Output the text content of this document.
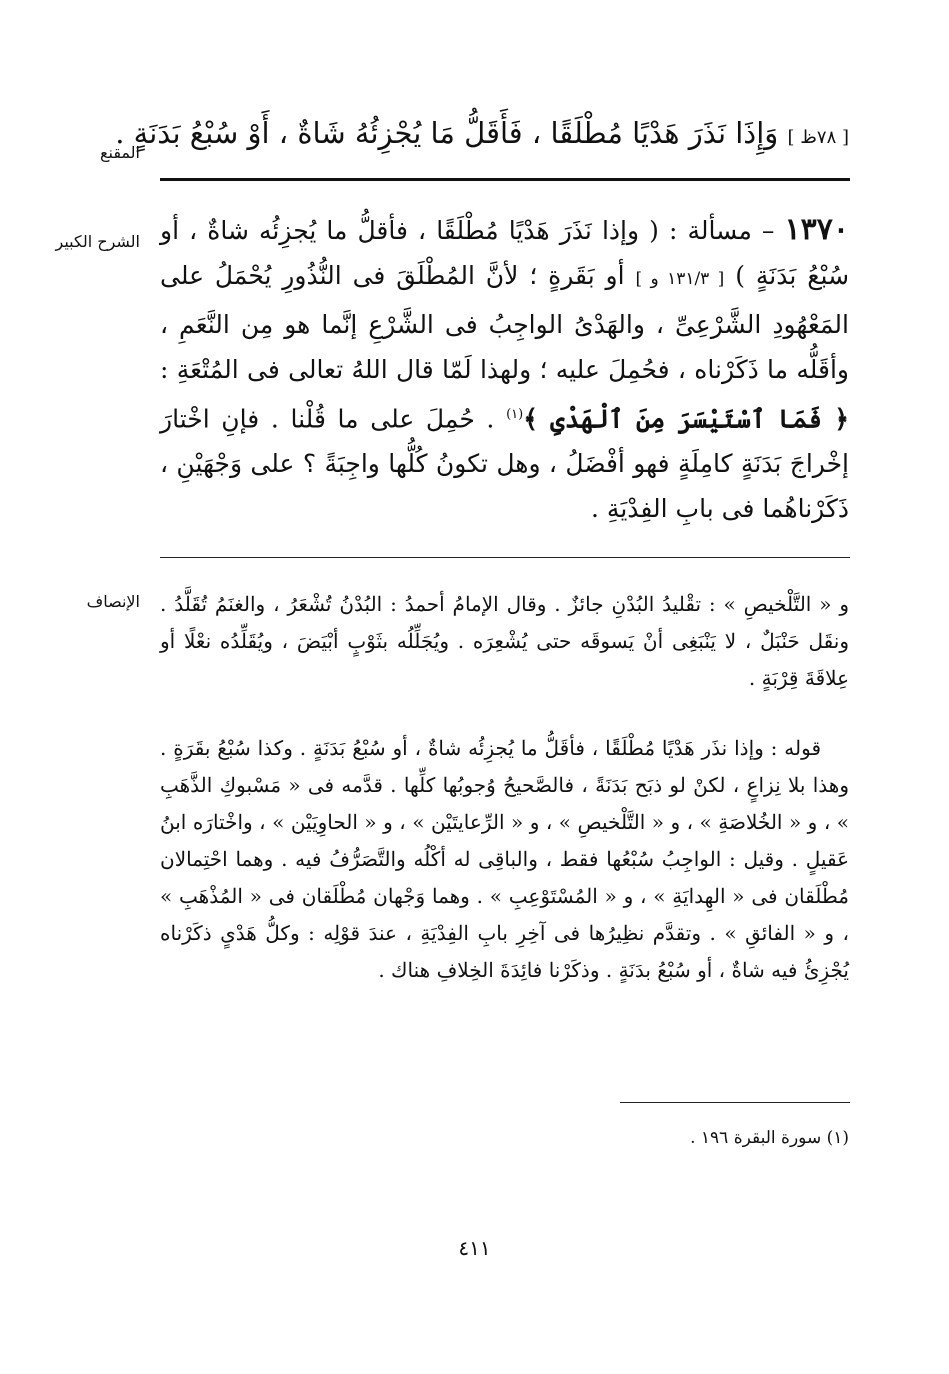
المقنع
[ ٧٨ظ ] وَإِذَا نَذَرَ هَدْيًا مُطْلَقًا ، فَأَقَلُّ مَا يُجْزِئُهُ شَاةٌ ، أَوْ سُبْعُ بَدَنَةٍ .
الشرح الكبير	١٣٧٠ – مسألة : ( وإذا نَذَرَ هَدْيًا مُطْلَقًا ، فأقلُّ ما يُجزِئُه شاةٌ ، أو سُبْعُ بَدَنَةٍ ) [ ١٣١/٣ و ] أو بَقَرةٍ ؛ لأنَّ المُطْلَقَ فى النُّذُورِ يُحْمَلُ على المَعْهُودِ الشَّرْعِىِّ ، والهَدْىُ الواجِبُ فى الشَّرْعِ إنَّما هو مِن النَّعَمِ ، وأقَلُّه ما ذَكَرْناه ، فحُمِلَ عليه ؛ ولهذا لَمّا قال اللهُ تعالى فى المُتْعَةِ : ﴿ فَمَا ٱسْتَيْسَرَ مِنَ ٱلْهَدْىِ ﴾$^{(١)}$ . حُمِلَ على ما قُلْنا . فإنِ اخْتارَ إخْراجَ بَدَنَةٍ كامِلَةٍ فهو أفْضَلُ ، وهل تكونُ كُلُّها واجِبَةً ؟ على وَجْهَيْنِ ، ذَكَرْناهُما فى بابِ الفِدْيَةِ .
الإنصاف و « التَّلْخيصِ » : تقْليدُ البُدْنِ جائزٌ . وقال الإمامُ أحمدُ : البُدْنُ تُشْعَرُ ، والغنَمُ تُقَلَّدُ . ونقَل حَنْبَلٌ ، لا يَنْبَغِى أنْ يَسوقَه حتى يُشْعِرَه . ويُجَلِّلُه بثَوْبٍ أبْيَضَ ، ويُقَلِّدُه نعْلًا أو عِلاقَةَ قِرْبَةٍ .
قوله : وإذا نذَر هَدْيًا مُطْلَقًا ، فأقَلُّ ما يُجزِئُه شاةٌ ، أو سُبْعُ بَدَنَةٍ . وكذا سُبْعُ بقَرَةٍ . وهذا بلا نِزاعٍ ، لكنْ لو ذبَح بَدَنَةً ، فالصَّحيحُ وُجوبُها كلِّها . قدَّمه فى « مَسْبوكِ الذَّهَبِ » ، و « الخُلاصَةِ » ، و « التَّلْخيصِ » ، و « الرِّعايتَيْن » ، و « الحاوِيَيْن » ، واخْتارَه ابنُ عَقيلٍ . وقيل : الواجِبُ سُبْعُها فقط ، والباقِى له أكْلُه والتَّصَرُّفُ فيه . وهما احْتِمالان مُطْلَقان فى « الهِدايَةِ » ، و « المُسْتَوْعِبِ » . وهما وَجْهان مُطْلَقان فى « المُذْهَبِ » ، و « الفائقِ » . وتقدَّم نظِيرُها فى آخِرِ بابِ الفِدْيَةِ ، عندَ قوْلِه : وكلُّ هَدْىٍ ذكَرْناه يُجْزِئُ فيه شاةٌ ، أو سُبْعُ بدَنَةٍ . وذكَرْنا فائِدَةَ الخِلافِ هناك .
(١) سورة البقرة ١٩٦ .
٤١١
